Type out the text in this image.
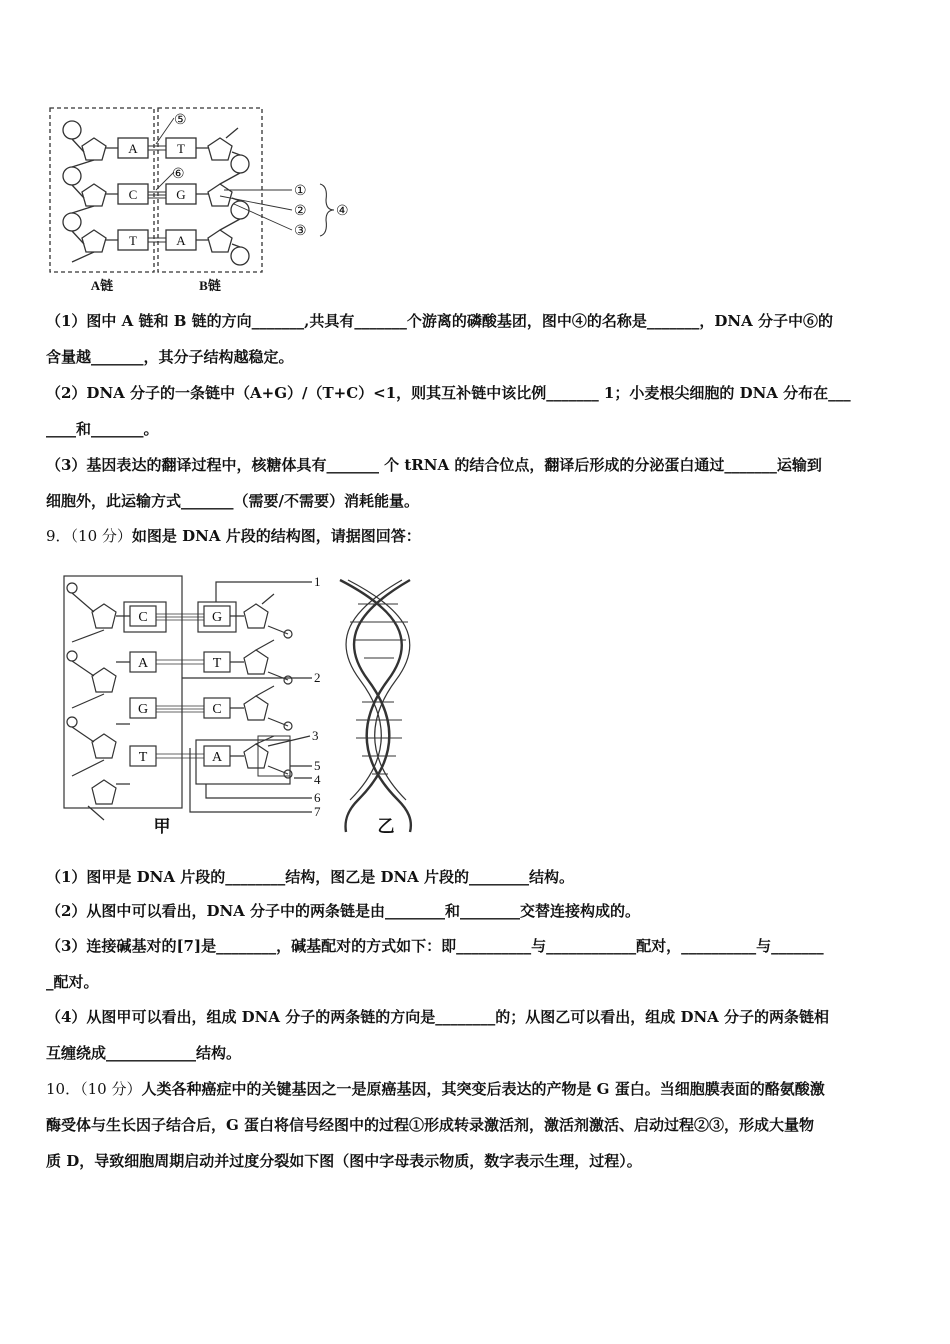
A
C
T
T
G
A
⑤
⑥
①
②
③
④
A链	B链
（1）图中 A 链和 B 链的方向_______,共具有_______个游离的磷酸基团，图中④的名称是_______，DNA 分子中⑥的
含量越_______，其分子结构越稳定。
（2）DNA 分子的一条链中（A+G）/（T+C）<1，则其互补链中该比例_______ 1；小麦根尖细胞的 DNA 分布在___
____和_______。
（3）基因表达的翻译过程中，核糖体具有_______ 个 tRNA 的结合位点，翻译后形成的分泌蛋白通过_______运输到
细胞外，此运输方式_______（需要/不需要）消耗能量。
9．（10 分）如图是 DNA 片段的结构图，请据图回答：
C
A
G
T
G
T
C
A
1
2
3
5
4
6
7
甲	乙
（1）图甲是 DNA 片段的________结构，图乙是 DNA 片段的________结构。
（2）从图中可以看出，DNA 分子中的两条链是由________和________交替连接构成的。
（3）连接碱基对的[7]是________，碱基配对的方式如下：即__________与____________配对，__________与_______
_配对。
（4）从图甲可以看出，组成 DNA 分子的两条链的方向是________的；从图乙可以看出，组成 DNA 分子的两条链相
互缠绕成____________结构。
10．（10 分）人类各种癌症中的关键基因之一是原癌基因，其突变后表达的产物是 G 蛋白。当细胞膜表面的酪氨酸激
酶受体与生长因子结合后，G 蛋白将信号经图中的过程①形成转录激活剂，激活剂激活、启动过程②③，形成大量物
质 D，导致细胞周期启动并过度分裂如下图（图中字母表示物质，数字表示生理，过程）。
